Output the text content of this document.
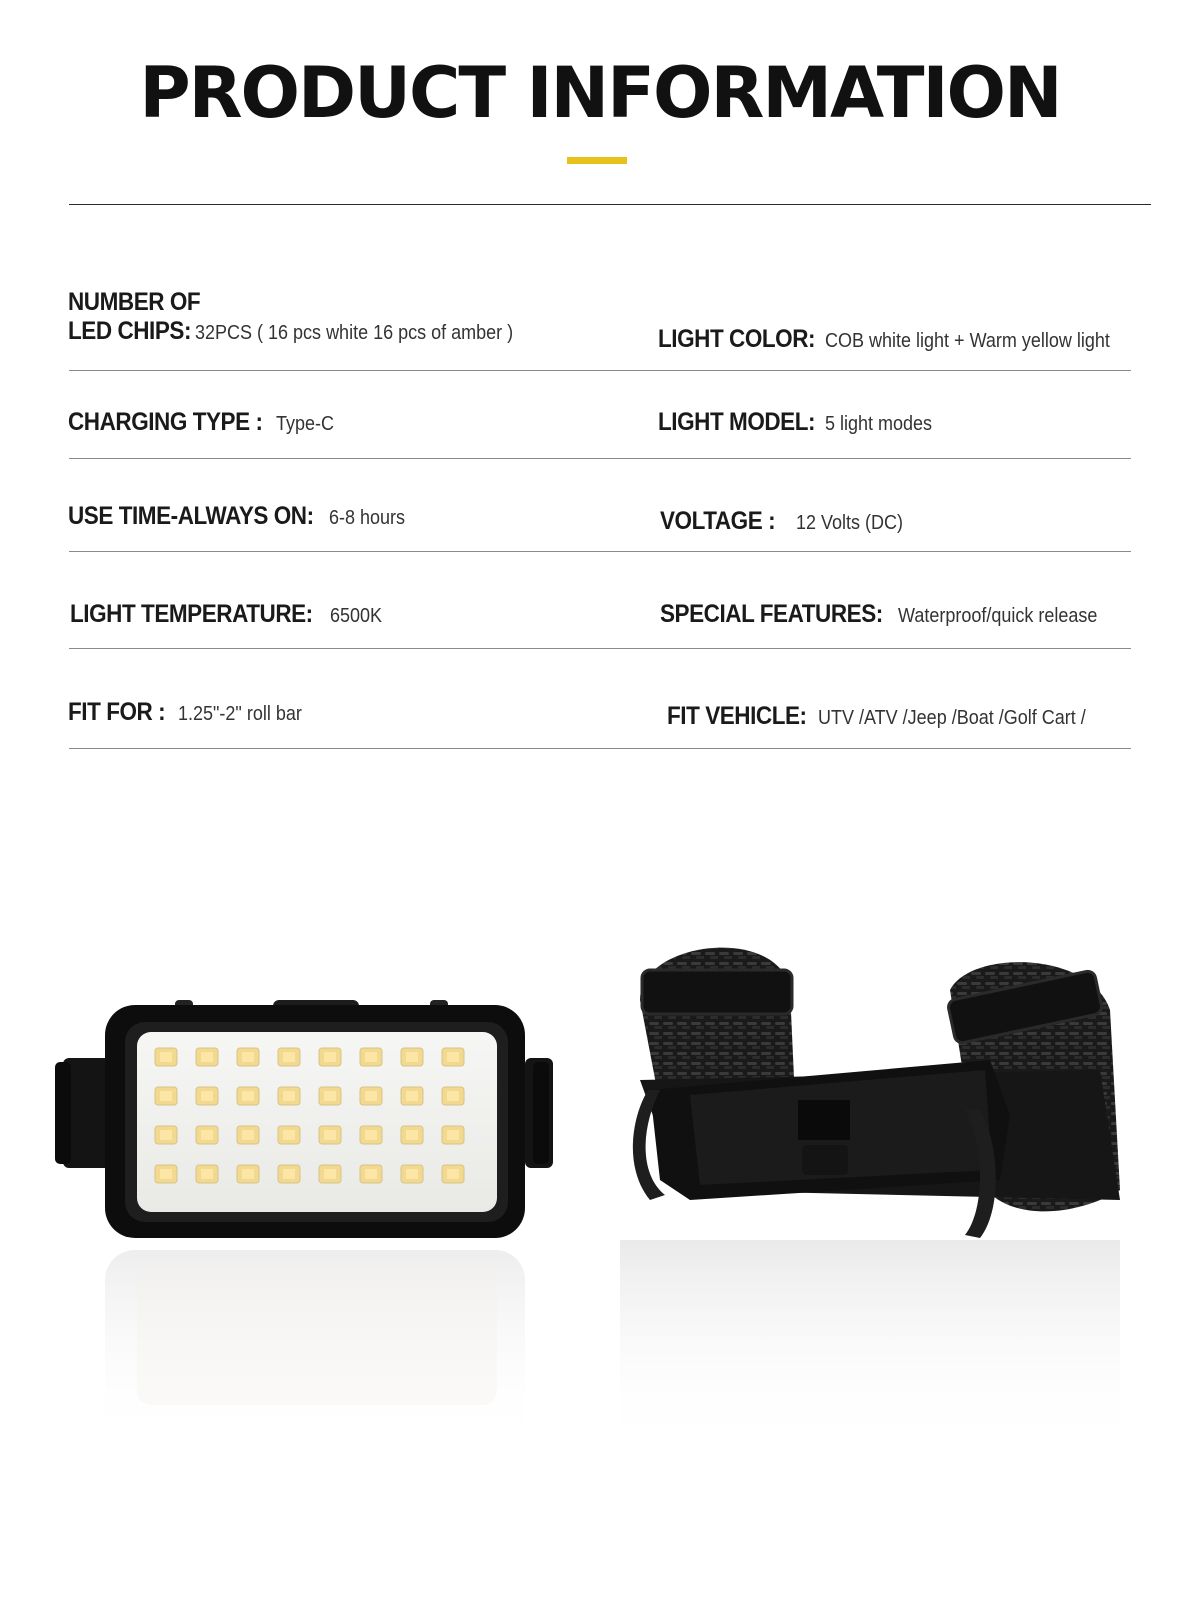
PRODUCT INFORMATION
NUMBER OF
LED CHIPS: 32PCS ( 16 pcs white 16 pcs of amber )	LIGHT COLOR: COB white light + Warm yellow light
CHARGING TYPE : Type-C	LIGHT MODEL: 5 light modes
USE TIME-ALWAYS ON: 6-8 hours	VOLTAGE : 12 Volts (DC)
LIGHT TEMPERATURE: 6500K	SPECIAL FEATURES: Waterproof/quick release
FIT FOR : 1.25"-2" roll bar	FIT VEHICLE: UTV /ATV /Jeep /Boat /Golf Cart /
